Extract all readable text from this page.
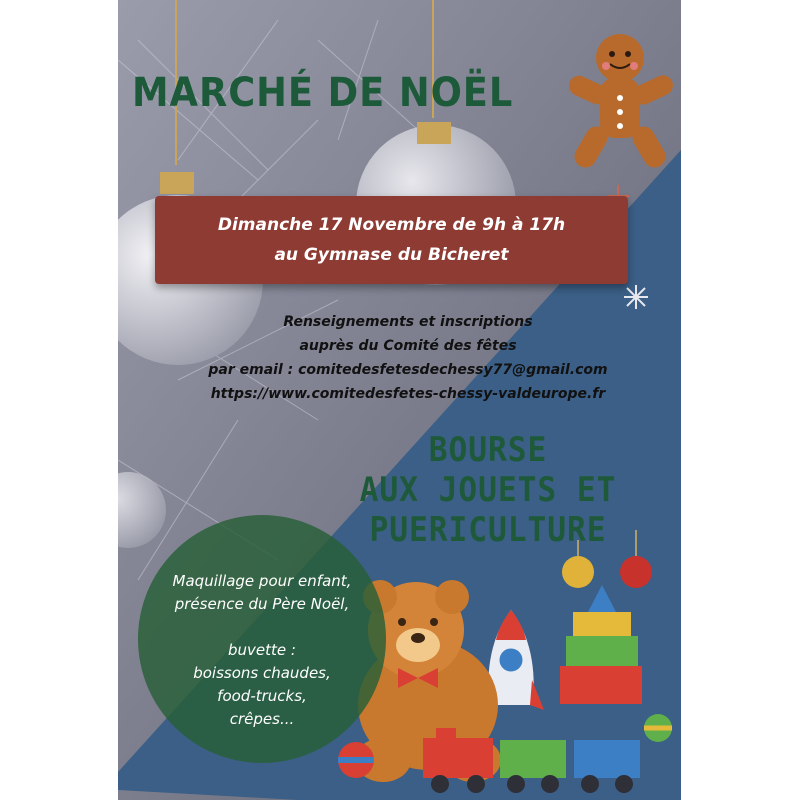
MARCHÉ DE NOËL
Dimanche 17 Novembre de 9h à 17h
au Gymnase du Bicheret
Renseignements et inscriptions
auprès du Comité des fêtes
par email : comitedesfetesdechessy77@gmail.com
https://www.comitedesfetes-chessy-valdeurope.fr
BOURSE
AUX JOUETS ET
PUERICULTURE
Maquillage pour enfant,
présence du Père Noël,
buvette :
boissons chaudes,
food-trucks,
crêpes...
